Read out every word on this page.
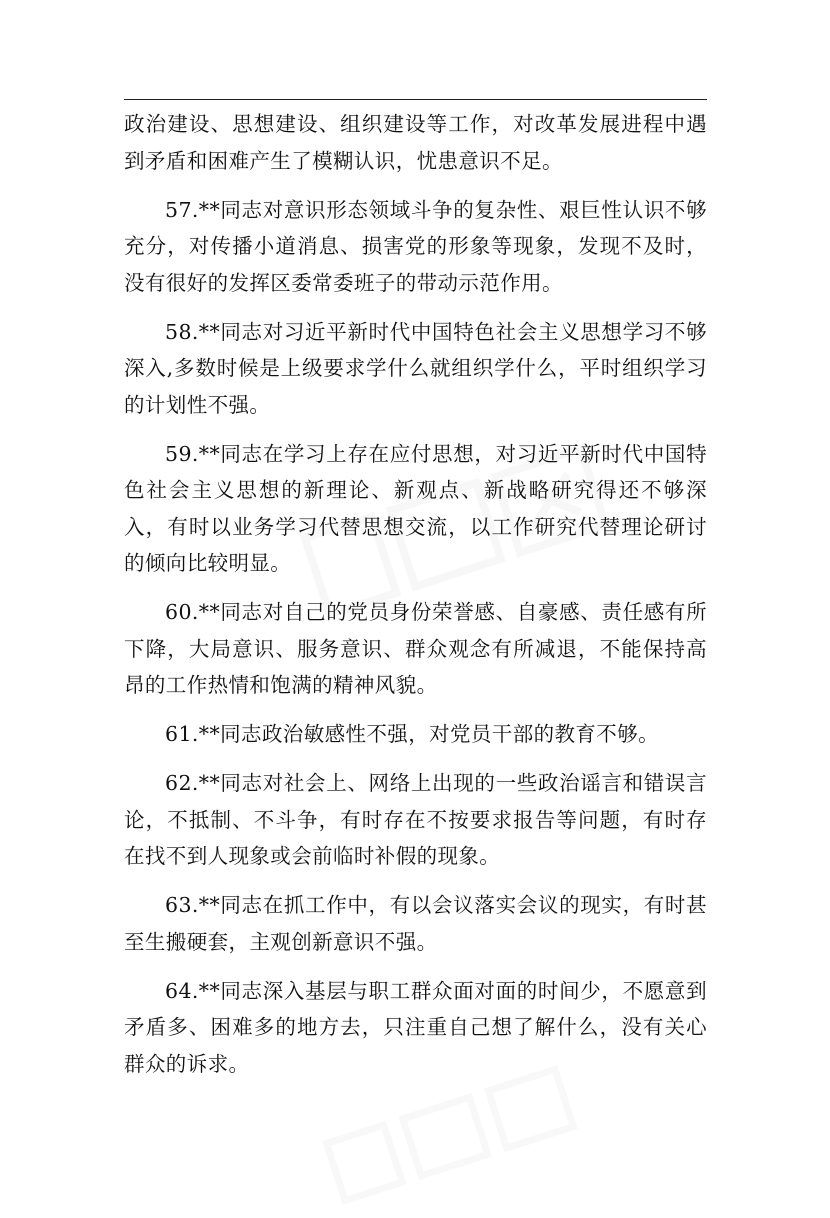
政治建设、思想建设、组织建设等工作，对改革发展进程中遇到矛盾和困难产生了模糊认识，忧患意识不足。

57.**同志对意识形态领域斗争的复杂性、艰巨性认识不够充分，对传播小道消息、损害党的形象等现象，发现不及时，没有很好的发挥区委常委班子的带动示范作用。

58.**同志对习近平新时代中国特色社会主义思想学习不够深入,多数时候是上级要求学什么就组织学什么，平时组织学习的计划性不强。

59.**同志在学习上存在应付思想，对习近平新时代中国特色社会主义思想的新理论、新观点、新战略研究得还不够深入，有时以业务学习代替思想交流，以工作研究代替理论研讨的倾向比较明显。

60.**同志对自己的党员身份荣誉感、自豪感、责任感有所下降，大局意识、服务意识、群众观念有所减退，不能保持高昂的工作热情和饱满的精神风貌。

61.**同志政治敏感性不强，对党员干部的教育不够。

62.**同志对社会上、网络上出现的一些政治谣言和错误言论，不抵制、不斗争，有时存在不按要求报告等问题，有时存在找不到人现象或会前临时补假的现象。

63.**同志在抓工作中，有以会议落实会议的现实，有时甚至生搬硬套，主观创新意识不强。

64.**同志深入基层与职工群众面对面的时间少，不愿意到矛盾多、困难多的地方去，只注重自己想了解什么，没有关心群众的诉求。
